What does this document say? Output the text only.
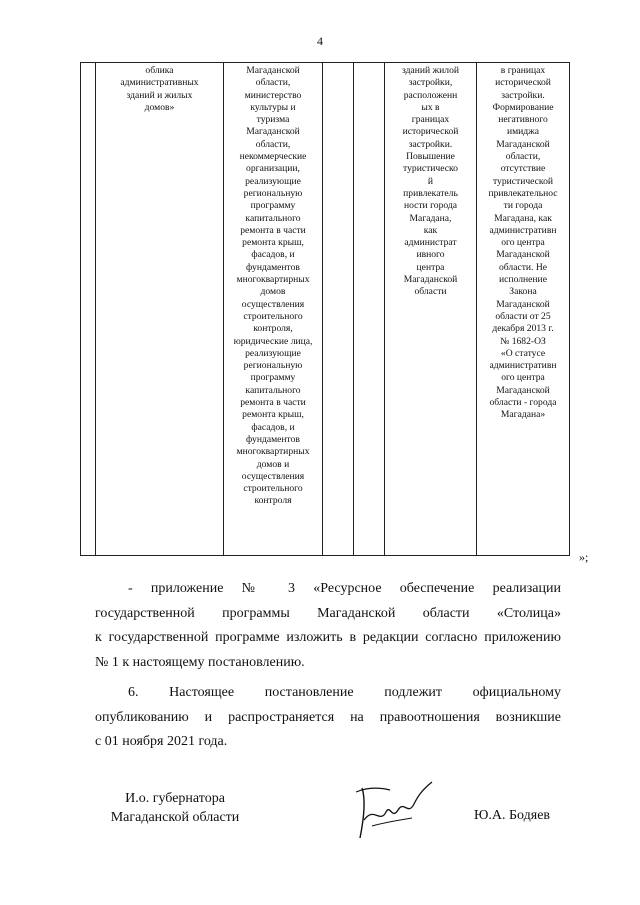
4

облика
административных
зданий и жилых
домов»

Магаданской
области,
министерство
культуры и
туризма
Магаданской
области,
некоммерческие
организации,
реализующие
региональную
программу
капитального
ремонта в части
ремонта крыш,
фасадов, и
фундаментов
многоквартирных
домов
осуществления
строительного
контроля,
юридические лица,
реализующие
региональную
программу
капитального
ремонта в части
ремонта крыш,
фасадов, и
фундаментов
многоквартирных
домов и
осуществления
строительного
контроля

зданий жилой
застройки,
расположенн
ых в
границах
исторической
застройки.
Повышение
туристическо
й
привлекатель
ности города
Магадана,
как
администрат
ивного
центра
Магаданской
области

в границах
исторической
застройки.
Формирование
негативного
имиджа
Магаданской
области,
отсутствие
туристической
привлекательнос
ти города
Магадана, как
административн
ого центра
Магаданской
области. Не
исполнение
Закона
Магаданской
области от 25
декабря 2013 г.
№ 1682-ОЗ
«О статусе
административн
ого центра
Магаданской
области - города
Магадана»
»;
- приложение № 3 «Ресурсное обеспечение реализации
государственной программы Магаданской области «Столица»
к государственной программе изложить в редакции согласно приложению
№ 1 к настоящему постановлению.
6. Настоящее постановление подлежит официальному
опубликованию и распространяется на правоотношения возникшие
с 01 ноября 2021 года.
И.о. губернатора
Магаданской области	Ю.А. Бодяев
